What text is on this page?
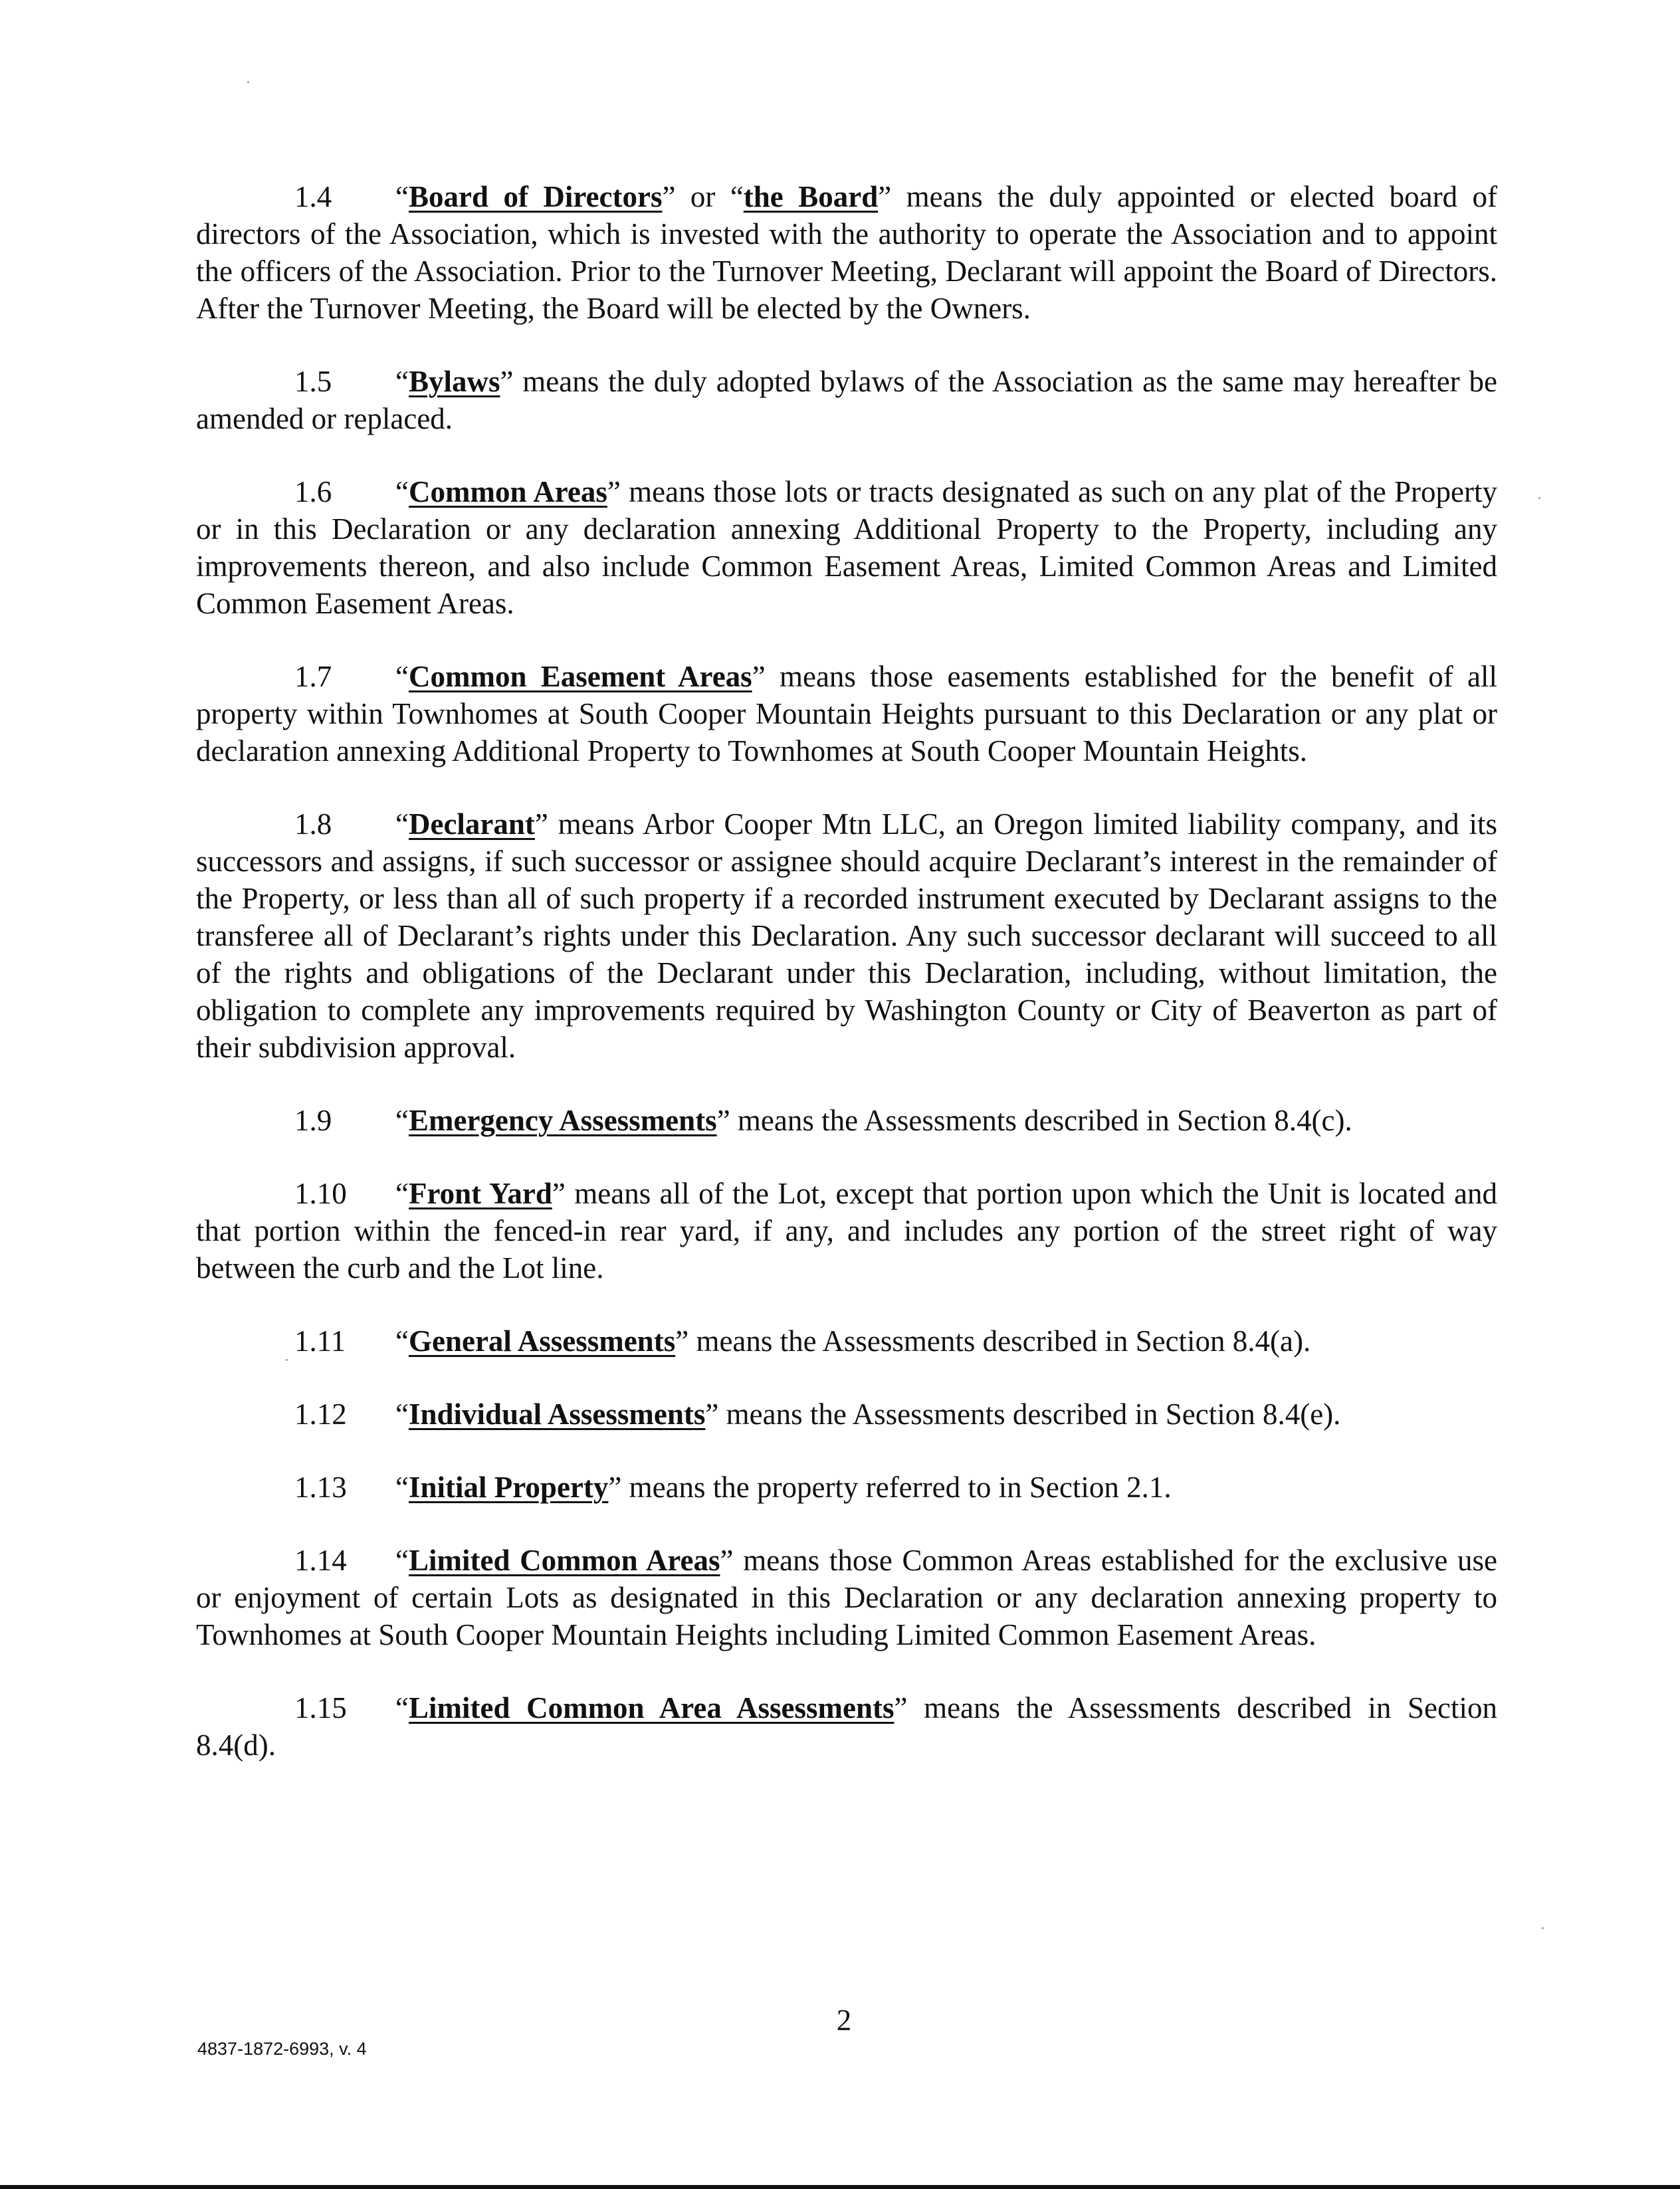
1.4 “Board of Directors” or “the Board” means the duly appointed or elected board of directors of the Association, which is invested with the authority to operate the Association and to appoint the officers of the Association. Prior to the Turnover Meeting, Declarant will appoint the Board of Directors. After the Turnover Meeting, the Board will be elected by the Owners.

1.5 “Bylaws” means the duly adopted bylaws of the Association as the same may hereafter be amended or replaced.

1.6 “Common Areas” means those lots or tracts designated as such on any plat of the Property or in this Declaration or any declaration annexing Additional Property to the Property, including any improvements thereon, and also include Common Easement Areas, Limited Common Areas and Limited Common Easement Areas.

1.7 “Common Easement Areas” means those easements established for the benefit of all property within Townhomes at South Cooper Mountain Heights pursuant to this Declaration or any plat or declaration annexing Additional Property to Townhomes at South Cooper Mountain Heights.

1.8 “Declarant” means Arbor Cooper Mtn LLC, an Oregon limited liability company, and its successors and assigns, if such successor or assignee should acquire Declarant’s interest in the remainder of the Property, or less than all of such property if a recorded instrument executed by Declarant assigns to the transferee all of Declarant’s rights under this Declaration. Any such successor declarant will succeed to all of the rights and obligations of the Declarant under this Declaration, including, without limitation, the obligation to complete any improvements required by Washington County or City of Beaverton as part of their subdivision approval.

1.9 “Emergency Assessments” means the Assessments described in Section 8.4(c).

1.10 “Front Yard” means all of the Lot, except that portion upon which the Unit is located and that portion within the fenced-in rear yard, if any, and includes any portion of the street right of way between the curb and the Lot line.

1.11 “General Assessments” means the Assessments described in Section 8.4(a).

1.12 “Individual Assessments” means the Assessments described in Section 8.4(e).

1.13 “Initial Property” means the property referred to in Section 2.1.

1.14 “Limited Common Areas” means those Common Areas established for the exclusive use or enjoyment of certain Lots as designated in this Declaration or any declaration annexing property to Townhomes at South Cooper Mountain Heights including Limited Common Easement Areas.

1.15 “Limited Common Area Assessments” means the Assessments described in Section 8.4(d).

2
4837-1872-6993, v. 4
